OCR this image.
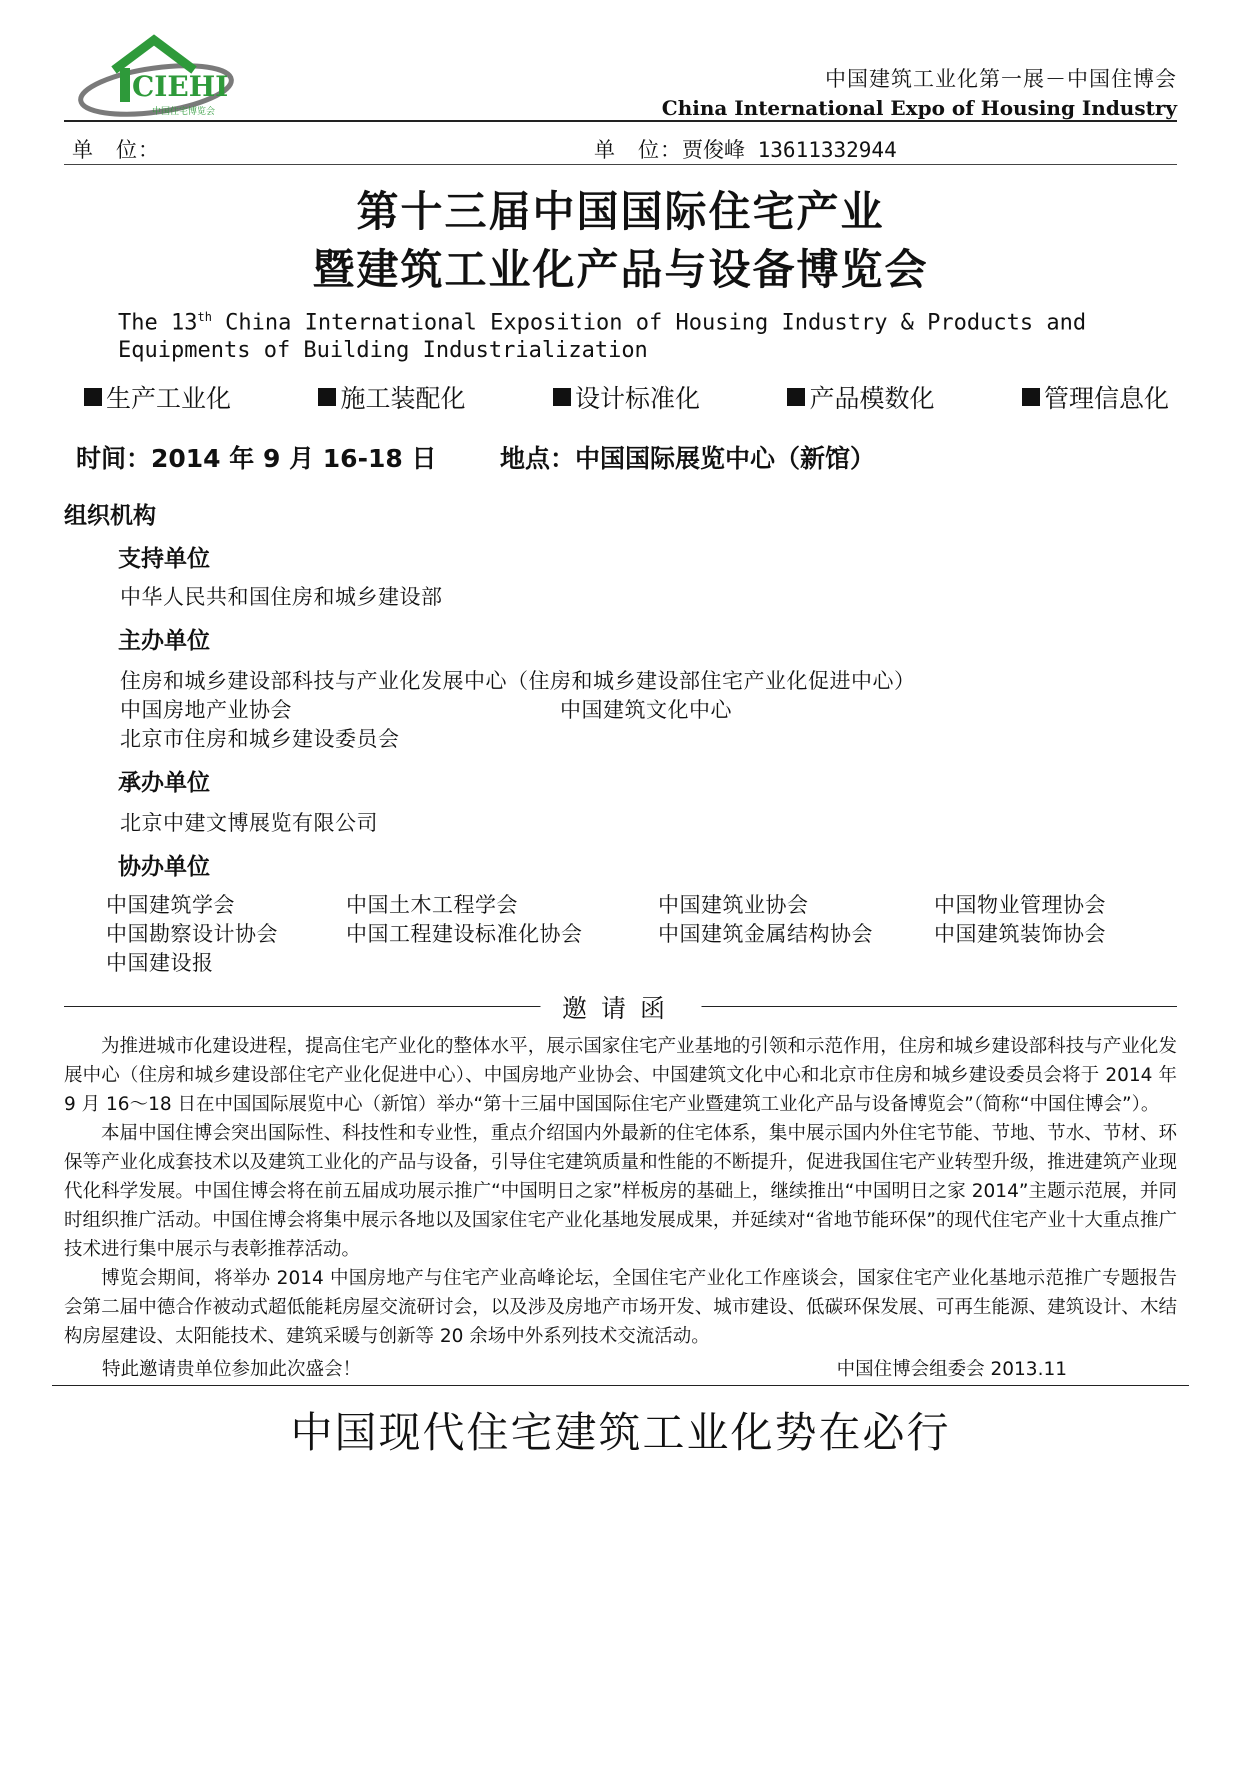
CIEHI
中国住宅博览会
中国建筑工业化第一展－中国住博会
China International Expo of Housing Industry
单　位：	单　位：贾俊峰 13611332944
第十三届中国国际住宅产业
暨建筑工业化产品与设备博览会
The 13th China International Exposition of Housing Industry & Products and Equipments of Building Industrialization
生产工业化	施工装配化	设计标准化	产品模数化	管理信息化
时间：2014 年 9 月 16-18 日	地点：中国国际展览中心（新馆）
组织机构
支持单位
中华人民共和国住房和城乡建设部
主办单位
住房和城乡建设部科技与产业化发展中心（住房和城乡建设部住宅产业化促进中心）
中国房地产业协会	中国建筑文化中心
北京市住房和城乡建设委员会
承办单位
北京中建文博展览有限公司
协办单位
中国建筑学会	中国土木工程学会	中国建筑业协会	中国物业管理协会
中国勘察设计协会	中国工程建设标准化协会	中国建筑金属结构协会	中国建筑装饰协会
中国建设报
邀请函

为推进城市化建设进程，提高住宅产业化的整体水平，展示国家住宅产业基地的引领和示范作用，住房和城乡建设部科技与产业化发展中心（住房和城乡建设部住宅产业化促进中心）、中国房地产业协会、中国建筑文化中心和北京市住房和城乡建设委员会将于 2014 年 9 月 16～18 日在中国国际展览中心（新馆）举办“第十三届中国国际住宅产业暨建筑工业化产品与设备博览会”（简称“中国住博会”）。

本届中国住博会突出国际性、科技性和专业性，重点介绍国内外最新的住宅体系，集中展示国内外住宅节能、节地、节水、节材、环保等产业化成套技术以及建筑工业化的产品与设备，引导住宅建筑质量和性能的不断提升，促进我国住宅产业转型升级，推进建筑产业现代化科学发展。中国住博会将在前五届成功展示推广“中国明日之家”样板房的基础上，继续推出“中国明日之家 2014”主题示范展，并同时组织推广活动。中国住博会将集中展示各地以及国家住宅产业化基地发展成果，并延续对“省地节能环保”的现代住宅产业十大重点推广技术进行集中展示与表彰推荐活动。

博览会期间，将举办 2014 中国房地产与住宅产业高峰论坛，全国住宅产业化工作座谈会，国家住宅产业化基地示范推广专题报告会第二届中德合作被动式超低能耗房屋交流研讨会，以及涉及房地产市场开发、城市建设、低碳环保发展、可再生能源、建筑设计、木结构房屋建设、太阳能技术、建筑采暖与创新等 20 余场中外系列技术交流活动。

特此邀请贵单位参加此次盛会！	中国住博会组委会 2013.11
中国现代住宅建筑工业化势在必行
